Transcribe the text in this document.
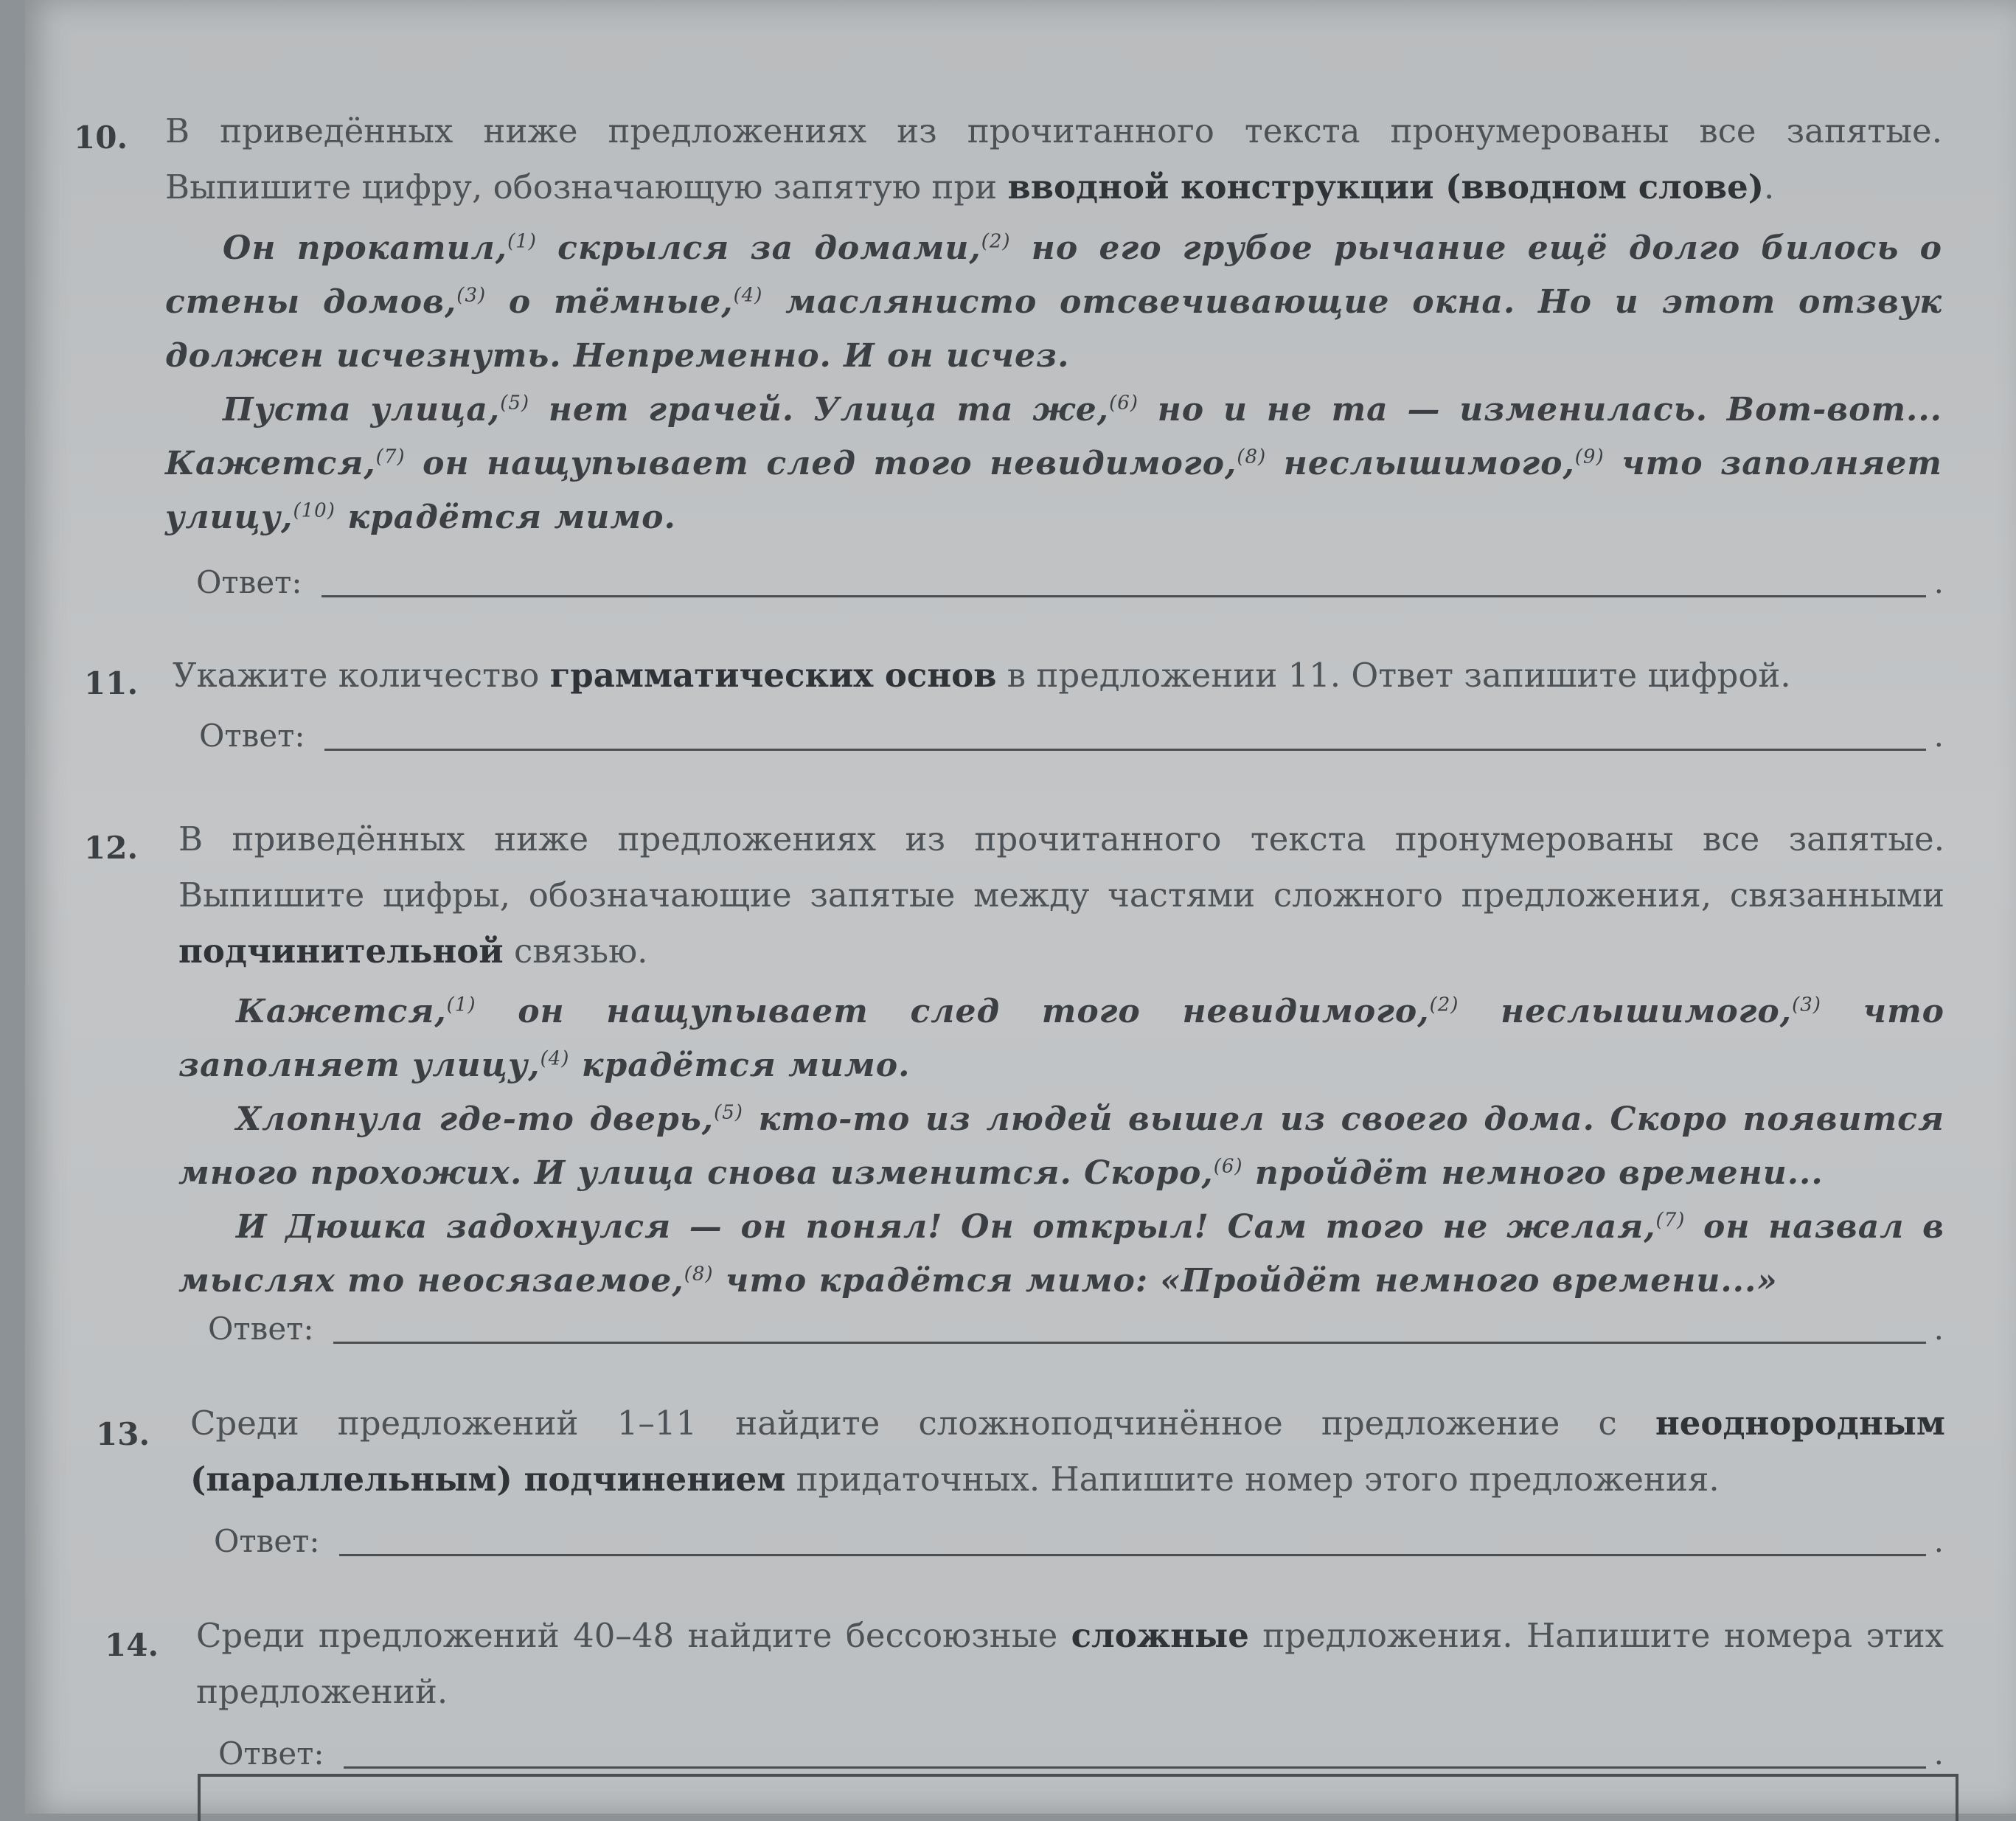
10. В приведённых ниже предложениях из прочитанного текста пронумерованы все запятые. Выпишите цифру, обозначающую запятую при вводной конструкции (вводном слове).

Он прокатил,$^{(1)}$ скрылся за домами,$^{(2)}$ но его грубое рычание ещё долго билось о стены домов,$^{(3)}$ о тёмные,$^{(4)}$ маслянисто отсвечивающие окна. Но и этот отзвук должен исчезнуть. Непременно. И он исчез.

Пуста улица,$^{(5)}$ нет грачей. Улица та же,$^{(6)}$ но и не та — изменилась. Вот-вот... Кажется,$^{(7)}$ он нащупывает след того невидимого,$^{(8)}$ неслышимого,$^{(9)}$ что заполняет улицу,$^{(10)}$ крадётся мимо.

Ответ:	.
11. Укажите количество грамматических основ в предложении 11. Ответ запишите цифрой.
Ответ:	.
12. В приведённых ниже предложениях из прочитанного текста пронумерованы все запятые. Выпишите цифры, обозначающие запятые между частями сложного предложения, связанными подчинительной связью.

Кажется,$^{(1)}$ он нащупывает след того невидимого,$^{(2)}$ неслышимого,$^{(3)}$ что заполняет улицу,$^{(4)}$ крадётся мимо.

Хлопнула где-то дверь,$^{(5)}$ кто-то из людей вышел из своего дома. Скоро появится много прохожих. И улица снова изменится. Скоро,$^{(6)}$ пройдёт немного времени...

И Дюшка задохнулся — он понял! Он открыл! Сам того не желая,$^{(7)}$ он назвал в мыслях то неосязаемое,$^{(8)}$ что крадётся мимо: «Пройдёт немного времени...»

Ответ:	.
13. Среди предложений 1–11 найдите сложноподчинённое предложение с неоднородным (параллельным) подчинением придаточных. Напишите номер этого предложения.
Ответ:	.
14. Среди предложений 40–48 найдите бессоюзные сложные предложения. Напишите номера этих предложений.
Ответ:	.
